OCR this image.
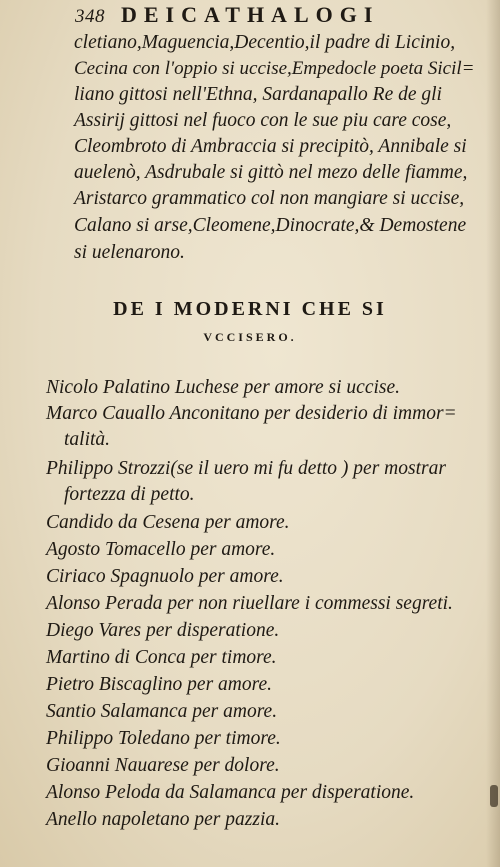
348 DEICATHALOGI
cletiano,Maguencia,Decentio,il padre di Licinio,
Cecina con l'oppio si uccise,Empedocle poeta Sicil=
liano gittosi nell'Ethna, Sardanapallo Re de gli
Assirij gittosi nel fuoco con le sue piu care cose,
Cleombroto di Ambraccia si precipitò, Annibale si
auelenò, Asdrubale si gittò nel mezo delle fiamme,
Aristarco grammatico col non mangiare si uccise,
Calano si arse,Cleomene,Dinocrate,& Demostene
si uelenarono.
DE I MODERNI CHE SI
VCCISERO.
Nicolo Palatino Luchese per amore si uccise.
Marco Cauallo Anconitano per desiderio di immor=
talità.
Philippo Strozzi(se il uero mi fu detto ) per mostrar
fortezza di petto.
Candido da Cesena per amore.
Agosto Tomacello per amore.
Ciriaco Spagnuolo per amore.
Alonso Perada per non riuellare i commessi segreti.
Diego Vares per disperatione.
Martino di Conca per timore.
Pietro Biscaglino per amore.
Santio Salamanca per amore.
Philippo Toledano per timore.
Gioanni Nauarese per dolore.
Alonso Peloda da Salamanca per disperatione.
Anello napoletano per pazzia.
